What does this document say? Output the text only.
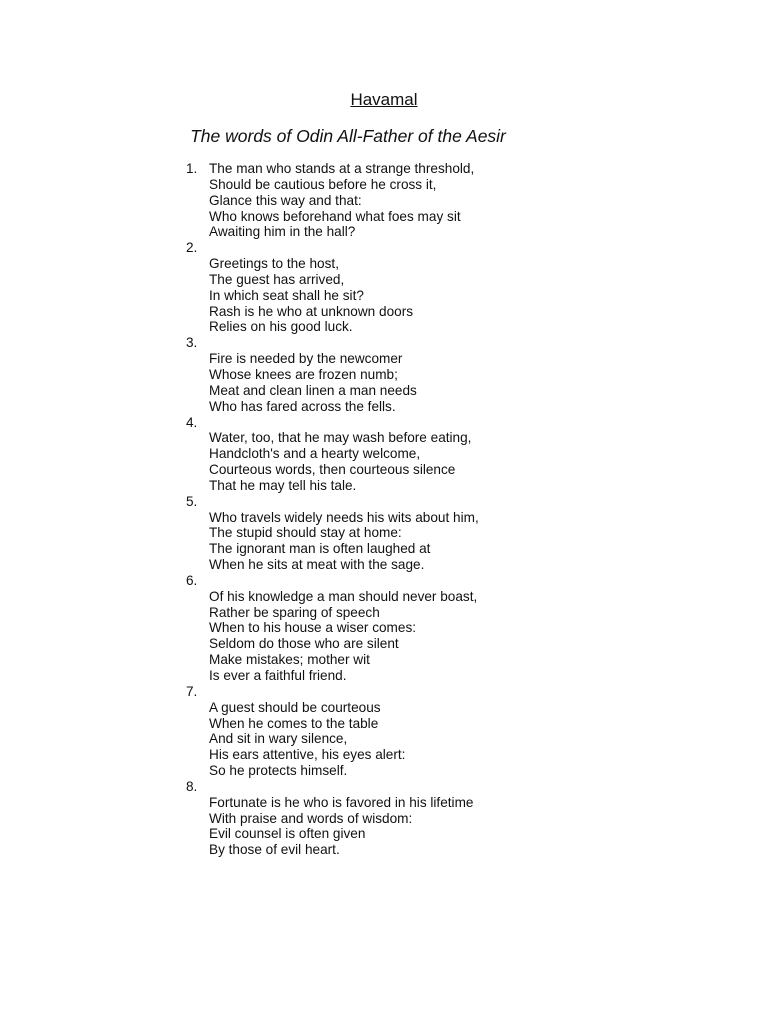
Havamal
The words of Odin All-Father of the Aesir
1. The man who stands at a strange threshold,
Should be cautious before he cross it,
Glance this way and that:
Who knows beforehand what foes may sit
Awaiting him in the hall?
2.
Greetings to the host,
The guest has arrived,
In which seat shall he sit?
Rash is he who at unknown doors
Relies on his good luck.
3.
Fire is needed by the newcomer
Whose knees are frozen numb;
Meat and clean linen a man needs
Who has fared across the fells.
4.
Water, too, that he may wash before eating,
Handcloth's and a hearty welcome,
Courteous words, then courteous silence
That he may tell his tale.
5.
Who travels widely needs his wits about him,
The stupid should stay at home:
The ignorant man is often laughed at
When he sits at meat with the sage.
6.
Of his knowledge a man should never boast,
Rather be sparing of speech
When to his house a wiser comes:
Seldom do those who are silent
Make mistakes; mother wit
Is ever a faithful friend.
7.
A guest should be courteous
When he comes to the table
And sit in wary silence,
His ears attentive, his eyes alert:
So he protects himself.
8.
Fortunate is he who is favored in his lifetime
With praise and words of wisdom:
Evil counsel is often given
By those of evil heart.
